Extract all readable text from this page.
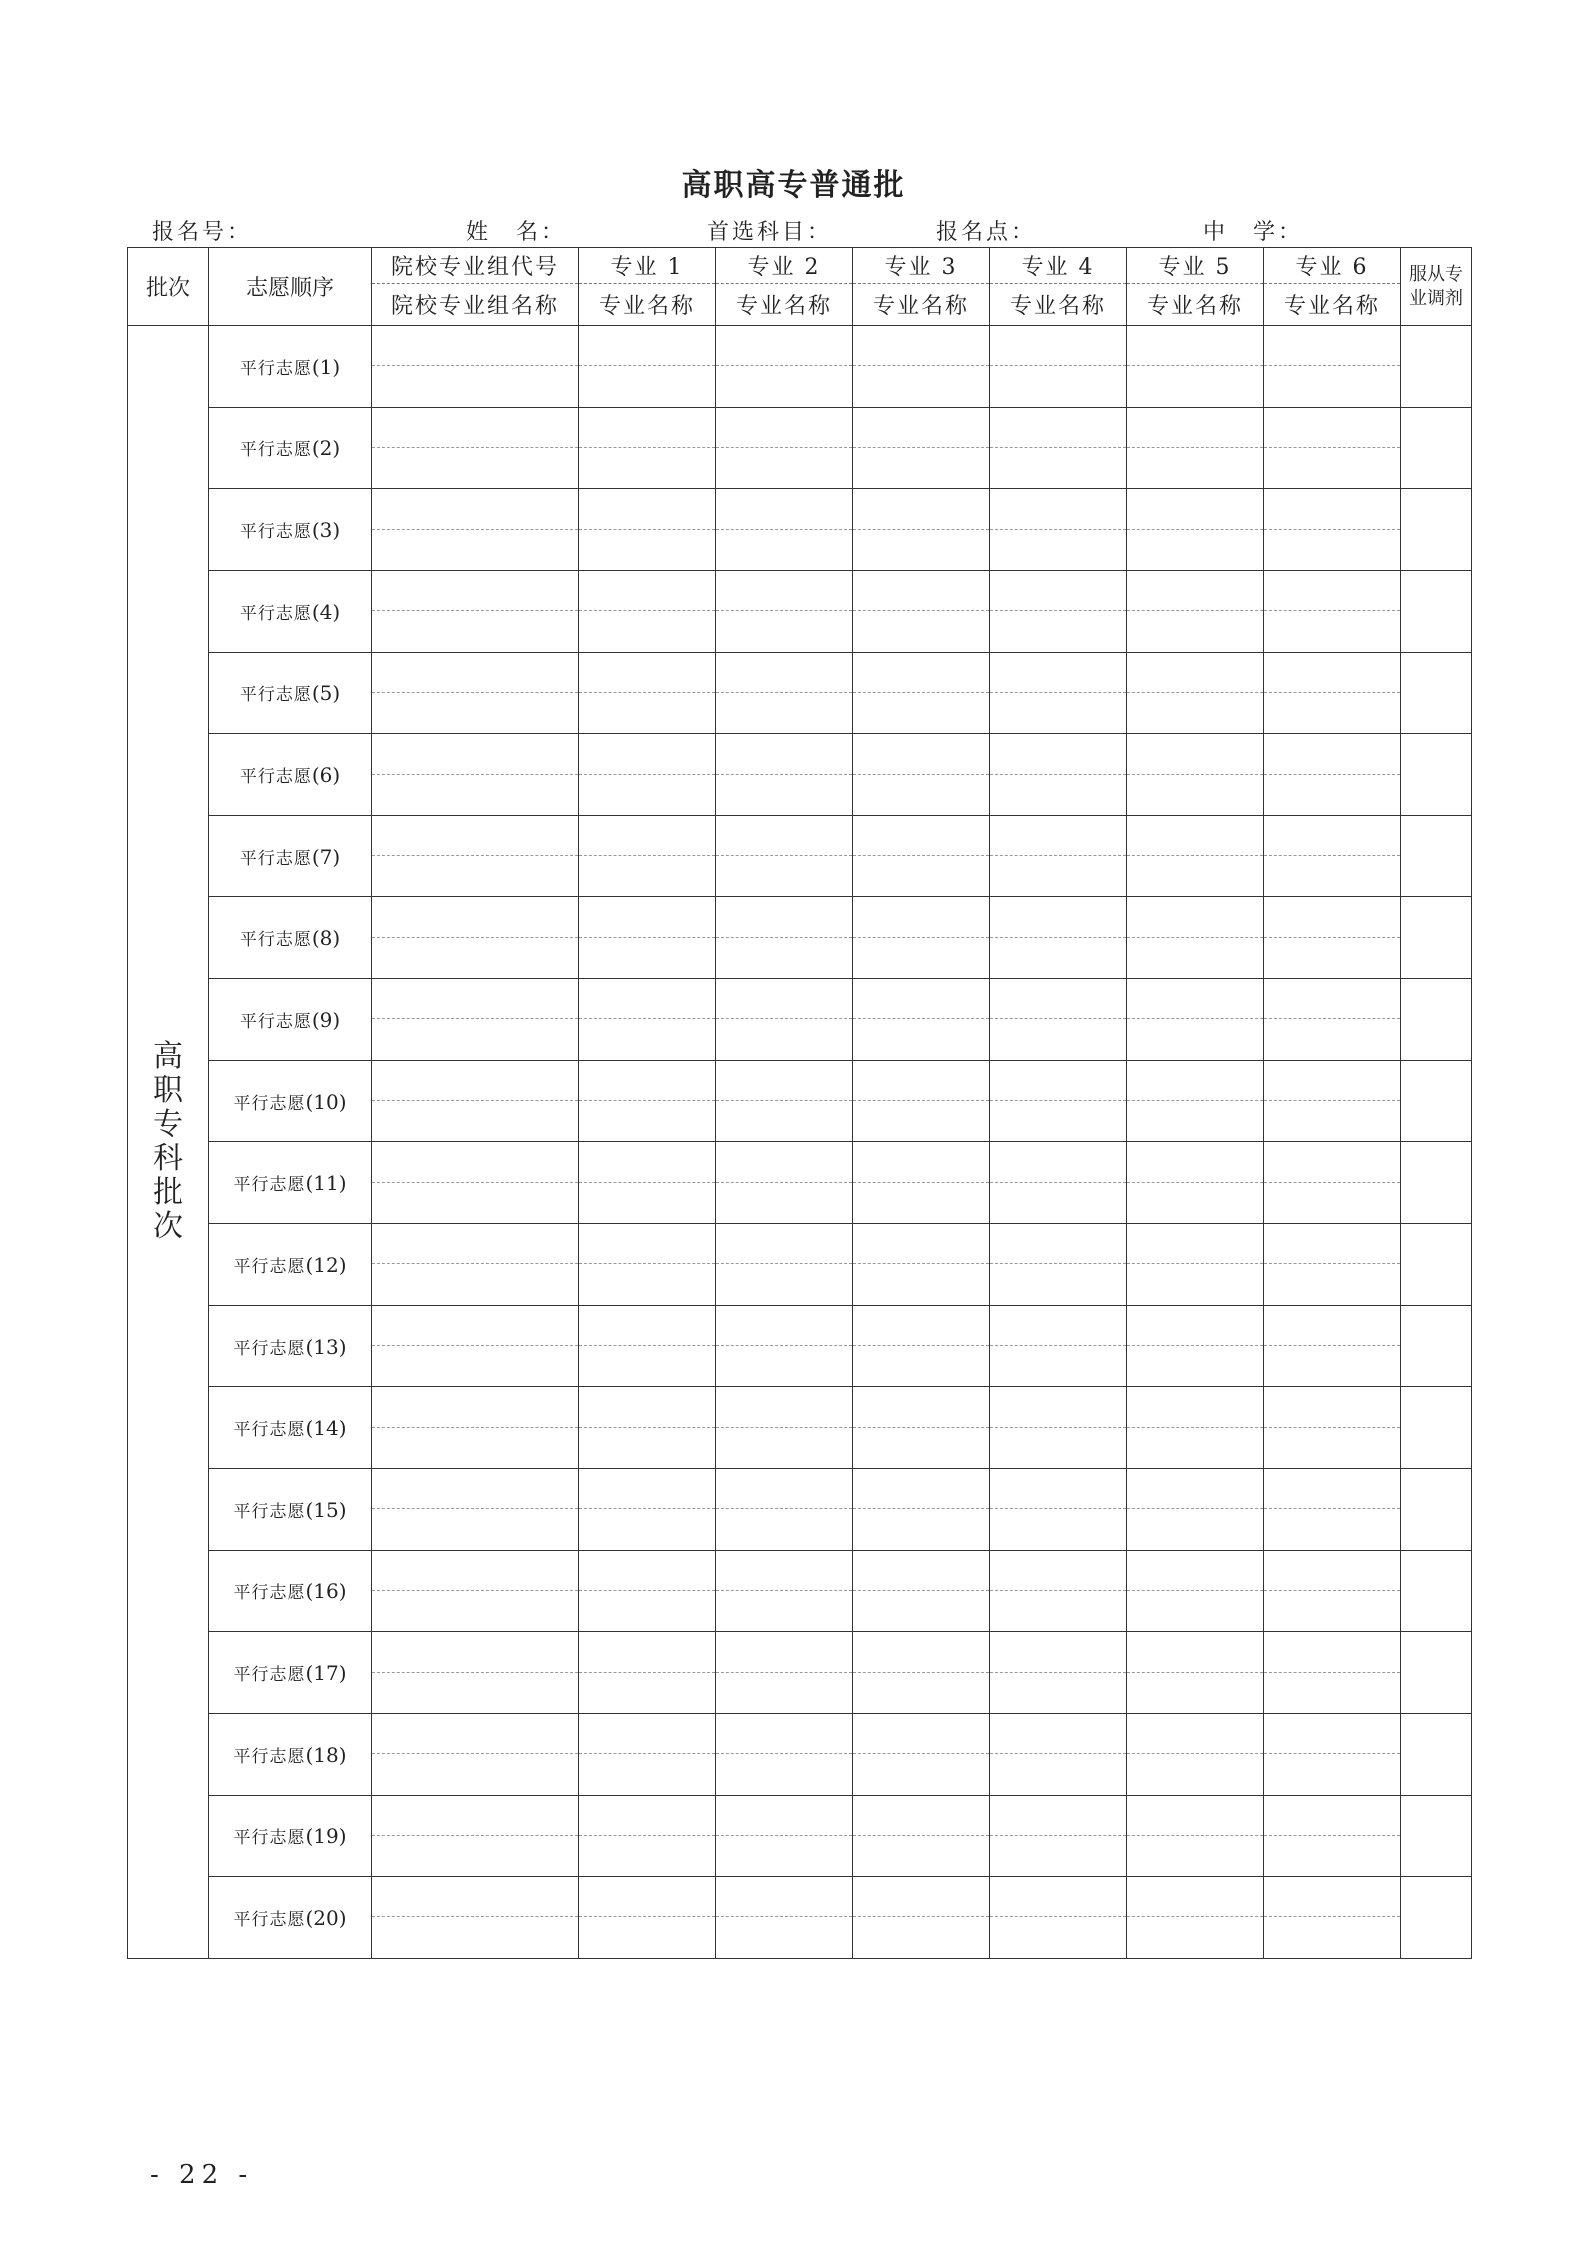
高职高专普通批
报名号：	姓　名：	首选科目：	报名点：	中　学：
批次	志愿顺序	院校专业组代号	专业 1	专业 2	专业 3	专业 4	专业 5	专业 6	服从专业调剂
		院校专业组名称	专业名称	专业名称	专业名称	专业名称	专业名称	专业名称	
高职专科批次	平行志愿(1)								

	平行志愿(2)								

	平行志愿(3)								

	平行志愿(4)								

	平行志愿(5)								

	平行志愿(6)								

	平行志愿(7)								

	平行志愿(8)								

	平行志愿(9)								

	平行志愿(10)								

	平行志愿(11)								

	平行志愿(12)								

	平行志愿(13)								

	平行志愿(14)								

	平行志愿(15)								

	平行志愿(16)								

	平行志愿(17)								

	平行志愿(18)								

	平行志愿(19)								

	平行志愿(20)								

- 22 -
